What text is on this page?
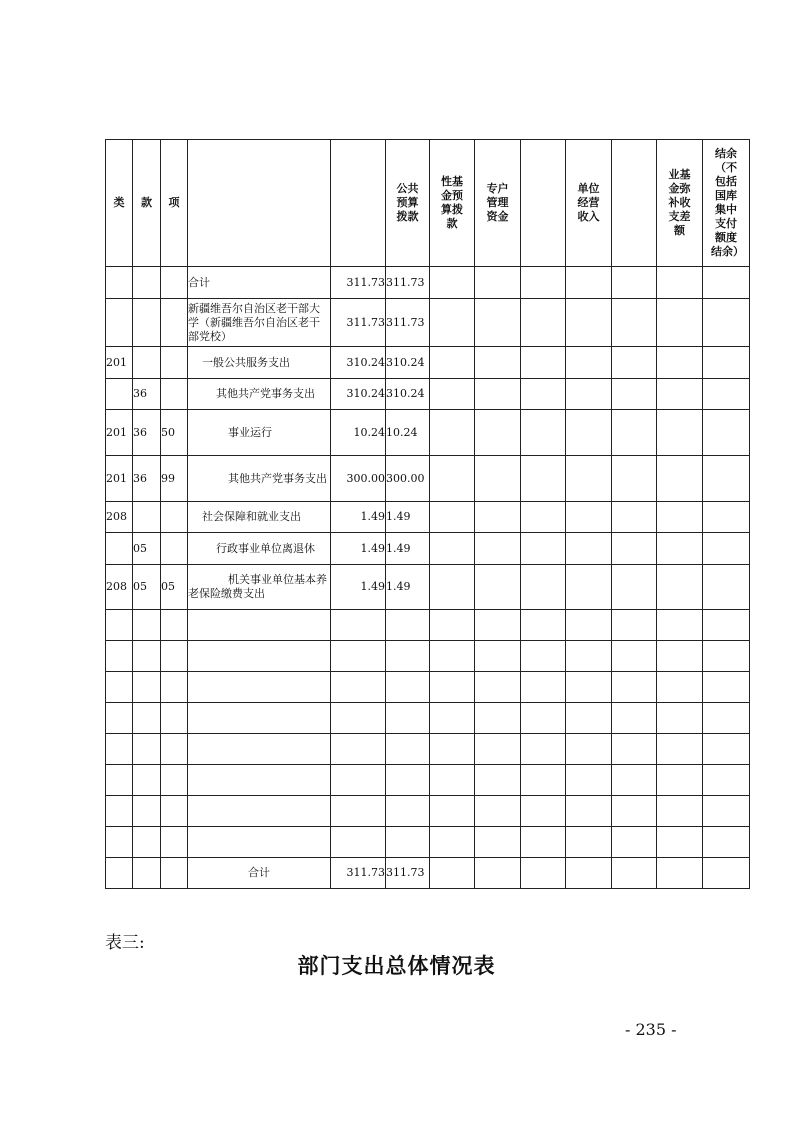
类	款	项			公共预算拨款	性基金预算拨款	专户管理资金		单位经营收入		业基金弥补收支差额	结余（不包括国库集中支付额度结余）
			合计	311.73	311.73							
			新疆维吾尔自治区老干部大学（新疆维吾尔自治区老干部党校）	311.73	311.73							
201			一般公共服务支出	310.24	310.24							
	36		其他共产党事务支出	310.24	310.24							
201	36	50	事业运行	10.24	10.24							
201	36	99	其他共产党事务支出	300.00	300.00							
208			社会保障和就业支出	1.49	1.49							
	05		行政事业单位离退休	1.49	1.49							
208	05	05	机关事业单位基本养老保险缴费支出	1.49	1.49							

			合计	311.73	311.73							
表三:
部门支出总体情况表
- 235 -
